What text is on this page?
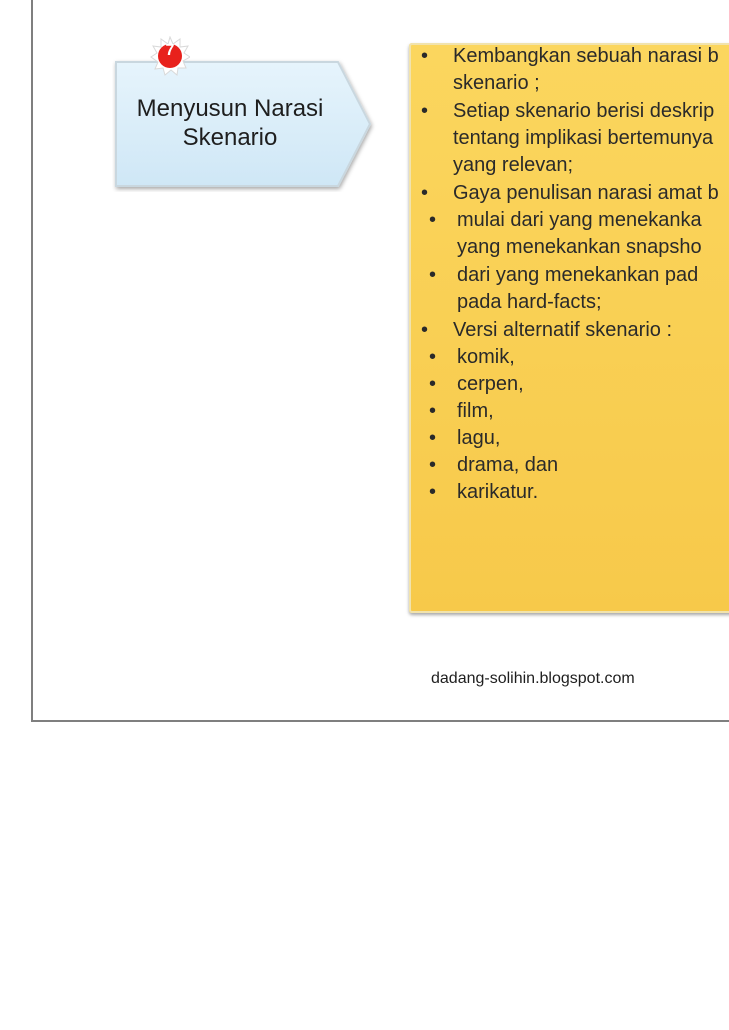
Menyusun Narasi
Skenario
7	• Kembangkan sebuah narasi b
skenario ;
• Setiap skenario berisi deskrip
tentang implikasi bertemunya
yang relevan;
• Gaya penulisan narasi amat b
• mulai dari yang menekanka
yang menekankan snapsho
• dari yang menekankan pad
pada hard-facts;
• Versi alternatif skenario :
• komik,
• cerpen,
• film,
• lagu,
• drama, dan
• karikatur.
dadang-solihin.blogspot.com
